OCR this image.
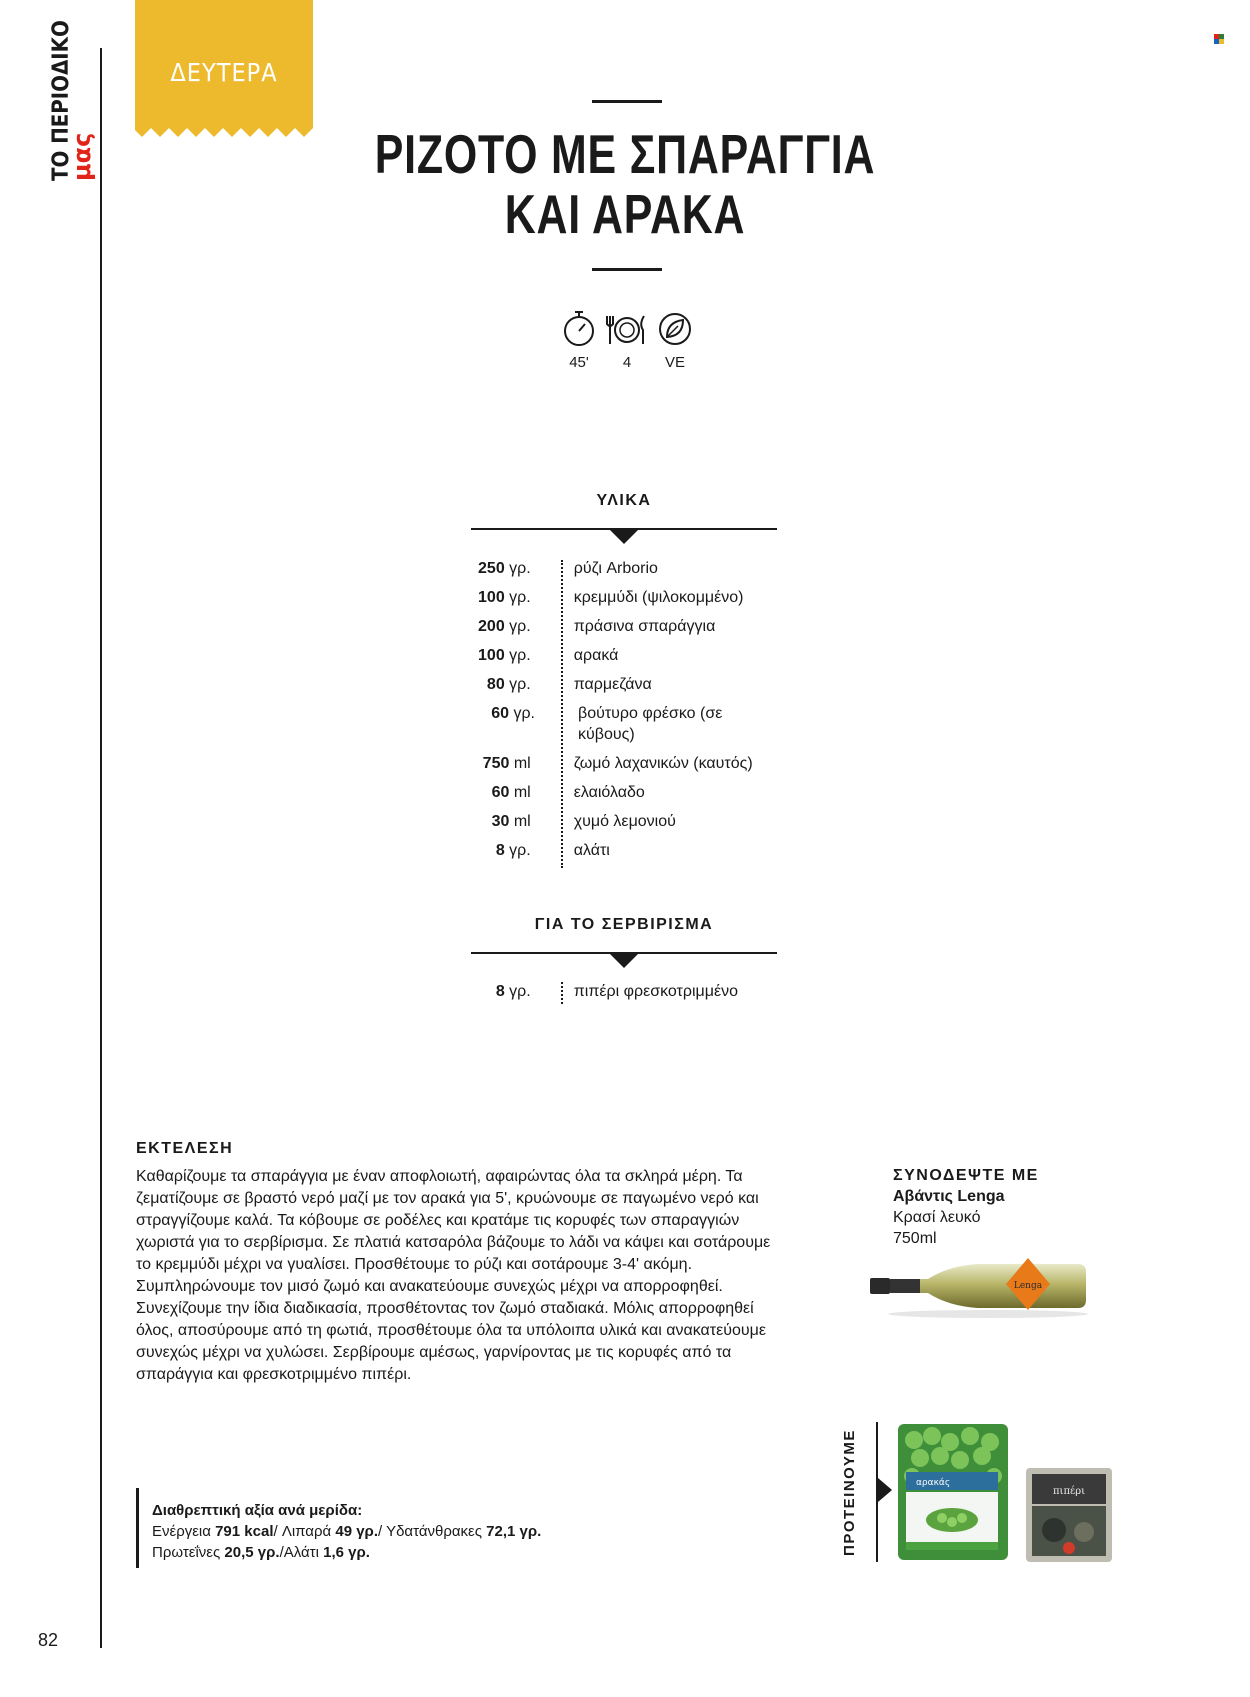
ΤΟ ΠΕΡΙΟΔΙΚΟ
μας
82
ΔΕΥΤΕΡΑ
ΡΙΖΟΤΟ ΜΕ ΣΠΑΡΑΓΓΙΑ
ΚΑΙ ΑΡΑΚΑ
45'	4	VE
ΥΛΙΚΑ
250 γρ.	ρύζι Arborio
100 γρ.	κρεμμύδι (ψιλοκομμένο)
200 γρ.	πράσινα σπαράγγια
100 γρ.	αρακά
80 γρ.	παρμεζάνα
60 γρ.	βούτυρο φρέσκο (σε κύβους)
750 ml	ζωμό λαχανικών (καυτός)
60 ml	ελαιόλαδο
30 ml	χυμό λεμονιού
8 γρ.	αλάτι
ΓΙΑ ΤΟ ΣΕΡΒΙΡΙΣΜΑ
8 γρ.	πιπέρι φρεσκοτριμμένο
ΕΚΤΕΛΕΣΗ
Καθαρίζουμε τα σπαράγγια με έναν αποφλοιωτή, αφαιρώντας όλα τα σκληρά μέρη. Τα ζεματίζουμε σε βραστό νερό μαζί με τον αρακά για 5', κρυώνουμε σε παγωμένο νερό και στραγγίζουμε καλά. Τα κόβουμε σε ροδέλες και κρατάμε τις κορυφές των σπαραγγιών χωριστά για το σερβίρισμα. Σε πλατιά κατσαρόλα βάζουμε το λάδι να κάψει και σοτάρουμε το κρεμμύδι μέχρι να γυαλίσει. Προσθέτουμε το ρύζι και σοτάρουμε 3-4' ακόμη. Συμπληρώνουμε τον μισό ζωμό και ανακατεύουμε συνεχώς μέχρι να απορροφηθεί. Συνεχίζουμε την ίδια διαδικασία, προσθέτοντας τον ζωμό σταδιακά. Μόλις απορροφηθεί όλος, αποσύρουμε από τη φωτιά, προσθέτουμε όλα τα υπόλοιπα υλικά και ανακατεύουμε συνεχώς μέχρι να χυλώσει. Σερβίρουμε αμέσως, γαρνίροντας με τις κορυφές από τα σπαράγγια και φρεσκοτριμμένο πιπέρι.
Διαθρεπτική αξία ανά μερίδα:
Ενέργεια 791 kcal/ Λιπαρά 49 γρ./ Υδατάνθρακες 72,1 γρ.
Πρωτεΐνες 20,5 γρ./Αλάτι 1,6 γρ.
ΣΥΝΟΔΕΨΤΕ ΜΕ
Αβάντις Lenga
Κρασί λευκό
750ml
Lenga
ΠΡΟΤΕΙΝΟΥΜΕ	αρακάς
πιπέρι
